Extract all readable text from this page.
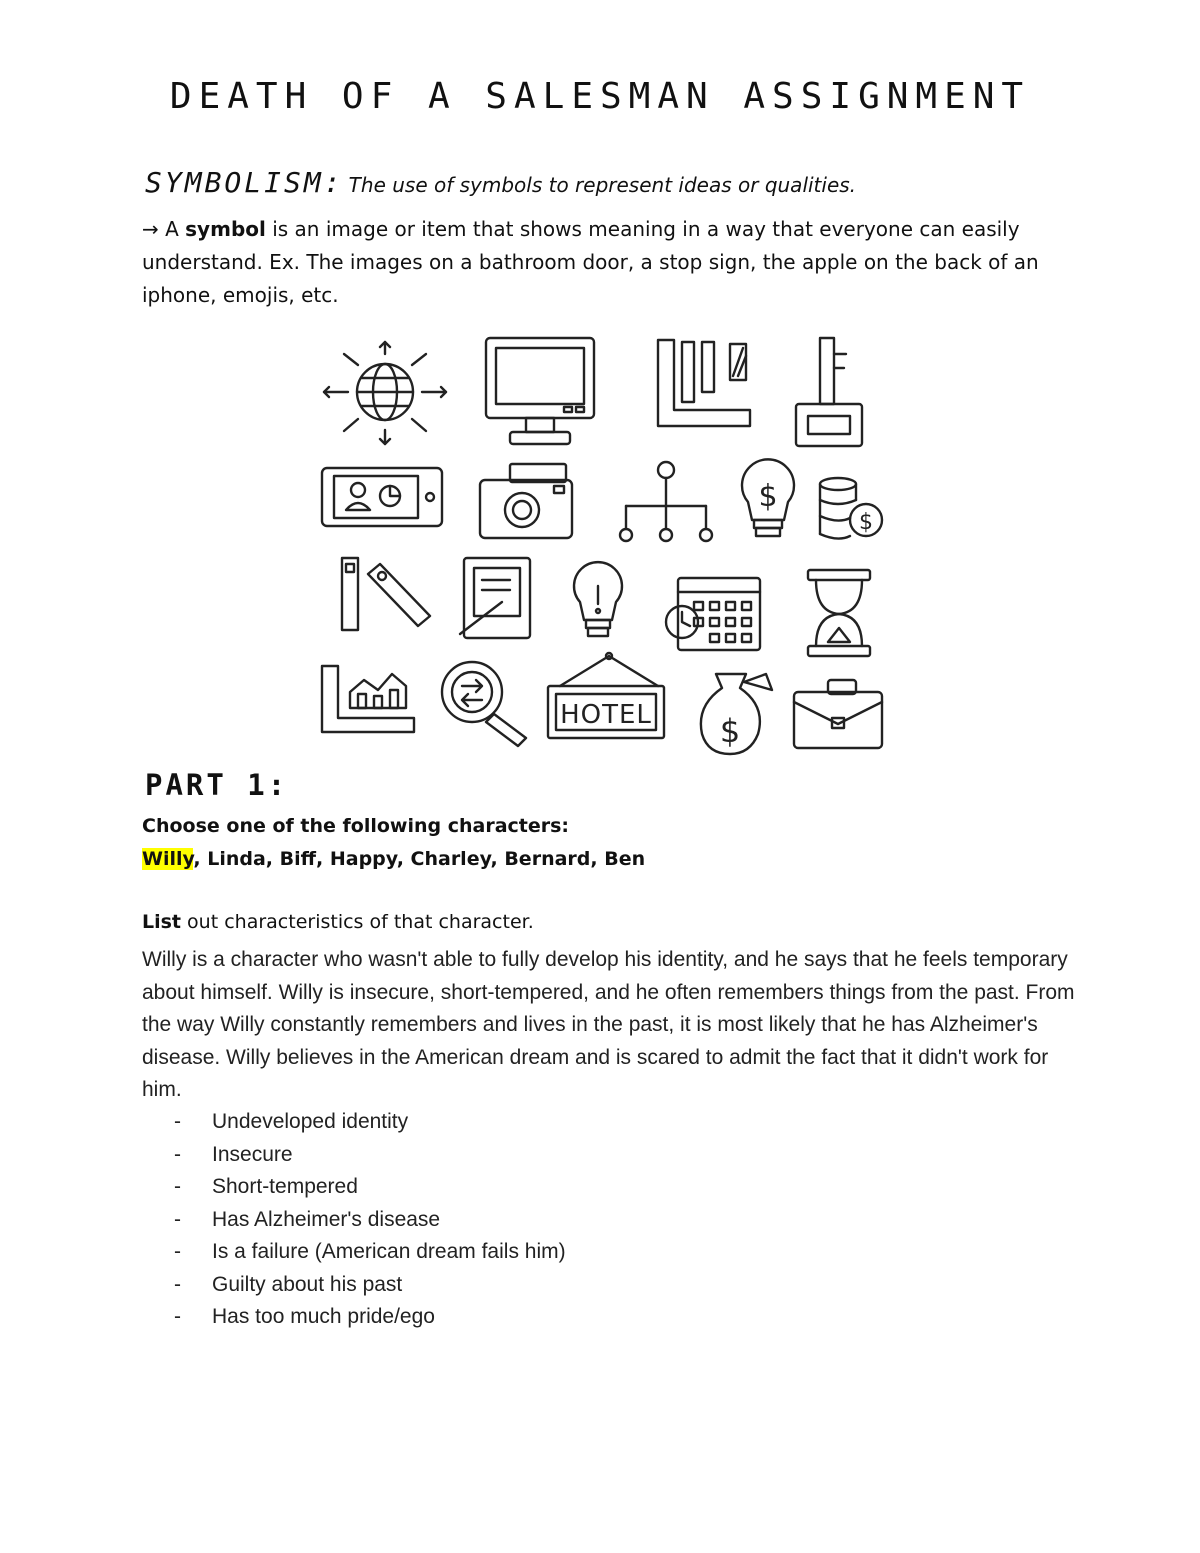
DEATH OF A SALESMAN ASSIGNMENT
SYMBOLISM: The use of symbols to represent ideas or qualities.

→ A symbol is an image or item that shows meaning in a way that everyone can easily understand. Ex. The images on a bathroom door, a stop sign, the apple on the back of an iphone, emojis, etc.

$
$
HOTEL $
PART 1:

Choose one of the following characters:

Willy, Linda, Biff, Happy, Charley, Bernard, Ben

List out characteristics of that character.

Willy is a character who wasn't able to fully develop his identity, and he says that he feels temporary about himself. Willy is insecure, short-tempered, and he often remembers things from the past. From the way Willy constantly remembers and lives in the past, it is most likely that he has Alzheimer's disease. Willy believes in the American dream and is scared to admit the fact that it didn't work for him.

- Undeveloped identity
- Insecure
- Short-tempered
- Has Alzheimer's disease
- Is a failure (American dream fails him)
- Guilty about his past
- Has too much pride/ego
